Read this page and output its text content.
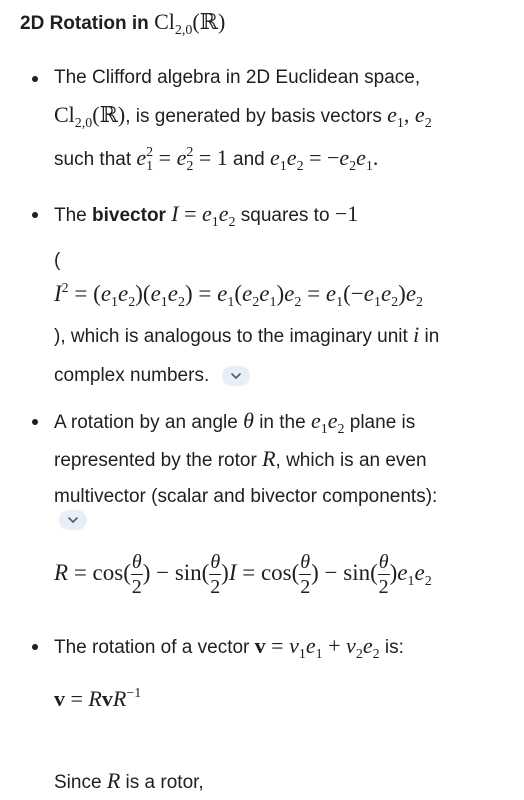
2D Rotation in $Cl_{2,0}(ℝ)$
The Clifford algebra in 2D Euclidean space,
$Cl_{2,0}(ℝ)$, is generated by basis vectors $e_1$, $e_2$
such that $e^2_1 = e^2_2 = 1$ and $e_1e_2 = -e_2e_1$.
The bivector $I = e_1e_2$ squares to −1
(
$I^2 = (e_1e_2)(e_1e_2) = e_1(e_2e_1)e_2 = e_1(-e_1e_2)e_2$
), which is analogous to the imaginary unit i in
complex numbers.
A rotation by an angle θ in the $e_1e_2$ plane is
represented by the rotor R, which is an even
multivector (scalar and bivector components):
$R = \cos( \frac{\theta}{2}$ ) − $\sin( \frac{\theta}{2} )I = \cos( \frac{\theta}{2}$ ) − $\sin( \frac{\theta}{2} )e_1e_2$
The rotation of a vector $v = v_1e_1 + v_2e_2$ is:
v = RvR$^{-1}$
Since R is a rotor,
